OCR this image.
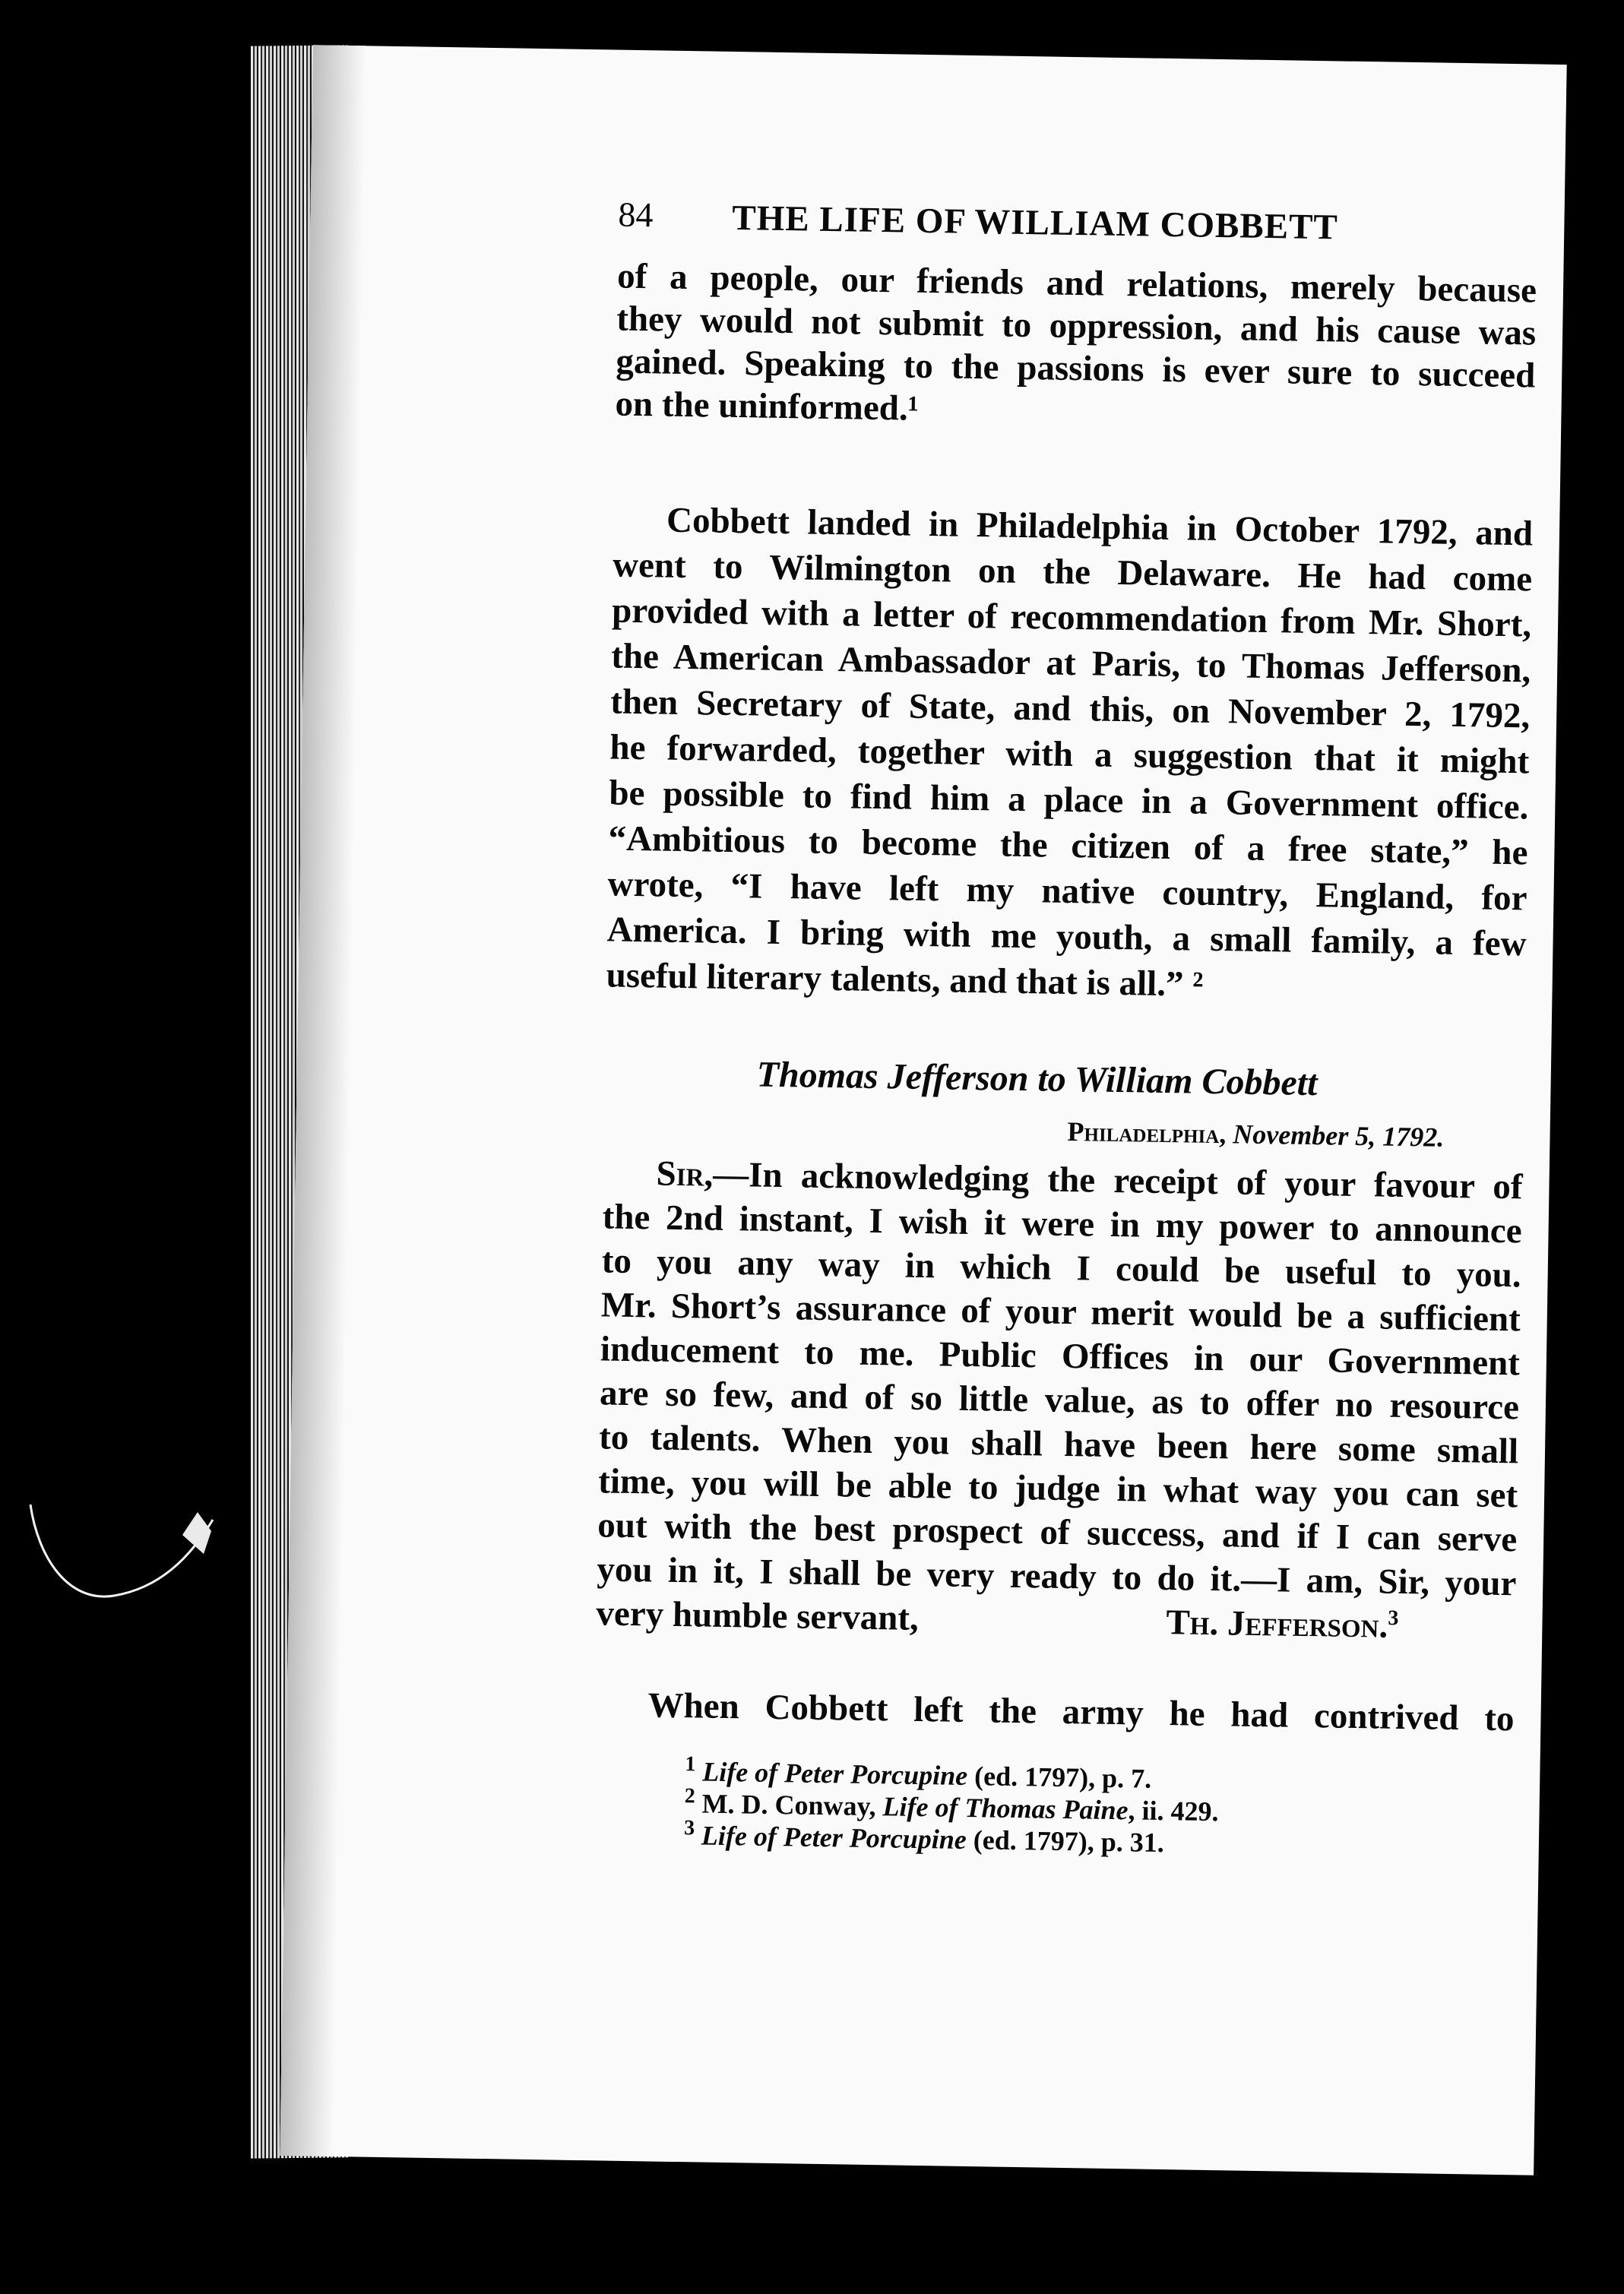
84 THE LIFE OF WILLIAM COBBETT
of a people, our friends and relations, merely because
they would not submit to oppression, and his cause was
gained. Speaking to the passions is ever sure to succeed
on the uninformed.¹
Cobbett landed in Philadelphia in October 1792, and
went to Wilmington on the Delaware. He had come
provided with a letter of recommendation from Mr. Short,
the American Ambassador at Paris, to Thomas Jefferson,
then Secretary of State, and this, on November 2, 1792,
he forwarded, together with a suggestion that it might
be possible to find him a place in a Government office.
“Ambitious to become the citizen of a free state,” he
wrote, “I have left my native country, England, for
America. I bring with me youth, a small family, a few
useful literary talents, and that is all.” ²
Thomas Jefferson to William Cobbett
Philadelphia, November 5, 1792.
Sir,—In acknowledging the receipt of your favour of
the 2nd instant, I wish it were in my power to announce
to you any way in which I could be useful to you.
Mr. Short’s assurance of your merit would be a sufficient
inducement to me. Public Offices in our Government
are so few, and of so little value, as to offer no resource
to talents. When you shall have been here some small
time, you will be able to judge in what way you can set
out with the best prospect of success, and if I can serve
you in it, I shall be very ready to do it.—I am, Sir, your
very humble servant,	Th. Jefferson.$^3$
When Cobbett left the army he had contrived to
$^1$ Life of Peter Porcupine (ed. 1797), p. 7.
$^2$ M. D. Conway, Life of Thomas Paine, ii. 429.
$^3$ Life of Peter Porcupine (ed. 1797), p. 31.
